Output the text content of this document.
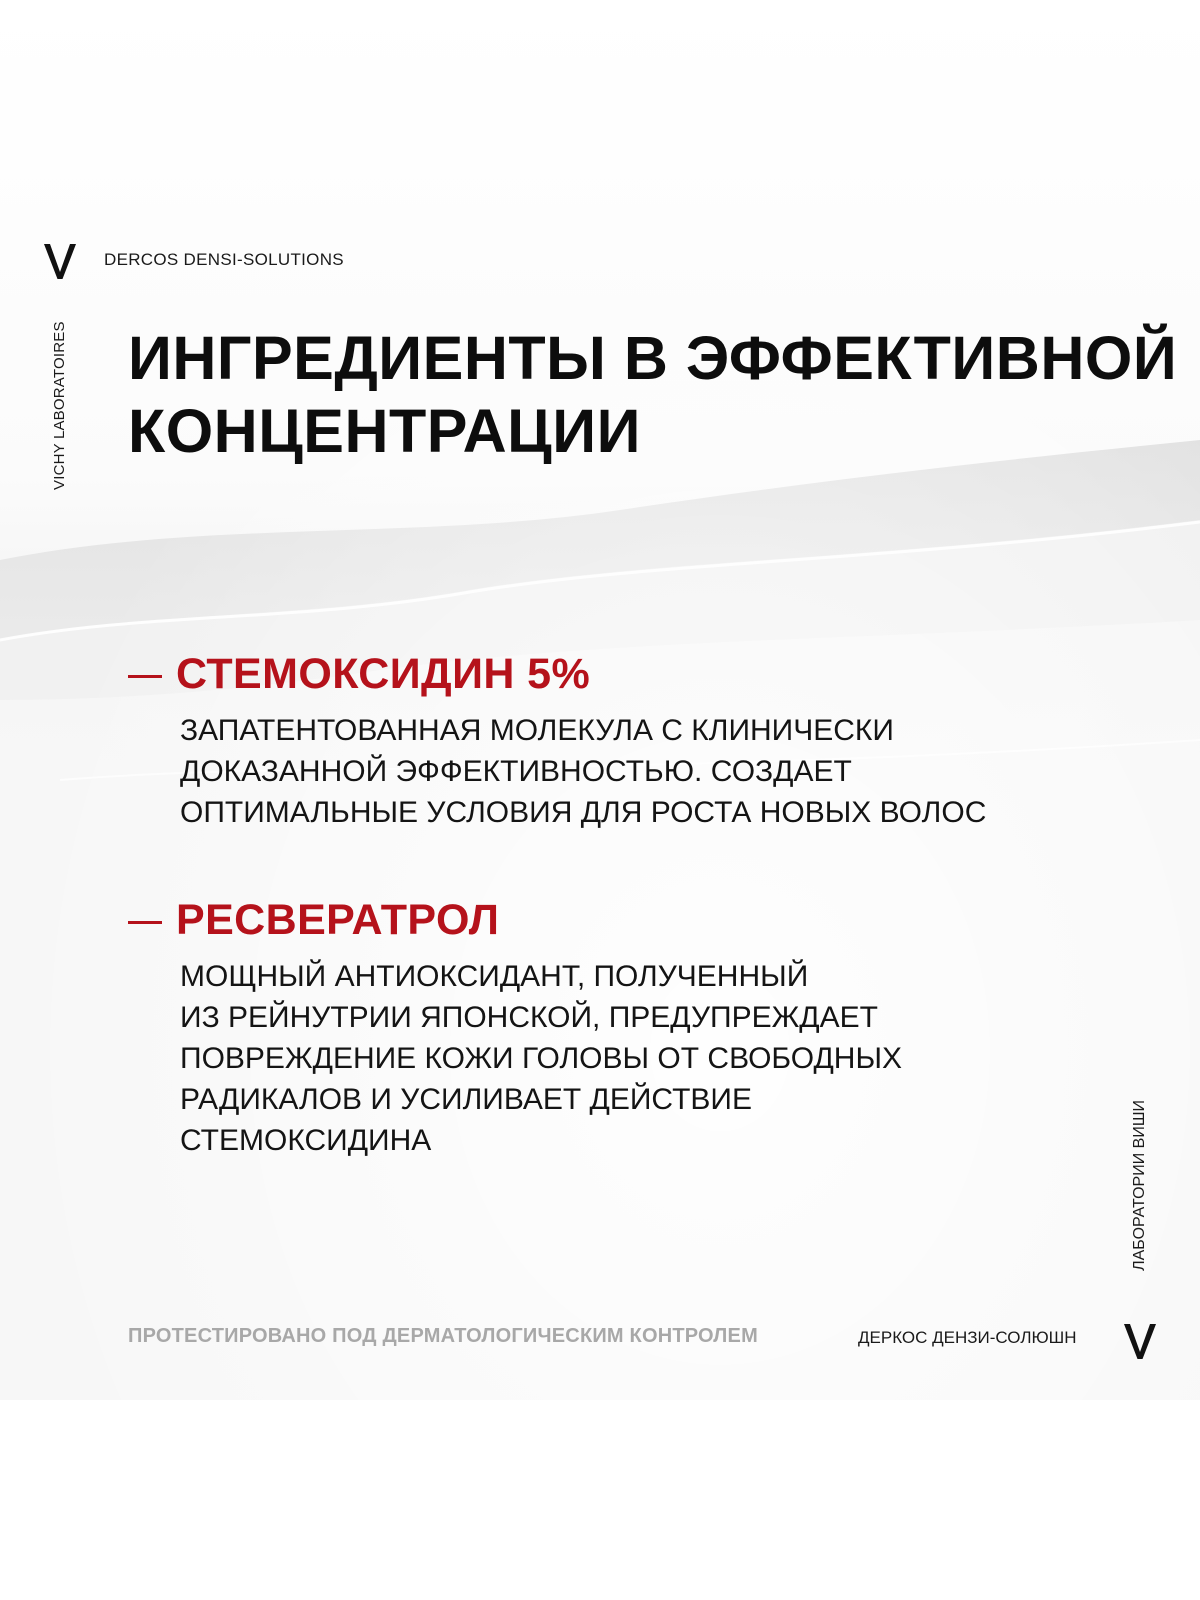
DERCOS DENSI-SOLUTIONS
VICHY LABORATOIRES ИНГРЕДИЕНТЫ В ЭФФЕКТИВНОЙ
КОНЦЕНТРАЦИИ
СТЕМОКСИДИН 5%
ЗАПАТЕНТОВАННАЯ МОЛЕКУЛА С КЛИНИЧЕСКИ
ДОКАЗАННОЙ ЭФФЕКТИВНОСТЬЮ. СОЗДАЕТ
ОПТИМАЛЬНЫЕ УСЛОВИЯ ДЛЯ РОСТА НОВЫХ ВОЛОС
РЕСВЕРАТРОЛ
МОЩНЫЙ АНТИОКСИДАНТ, ПОЛУЧЕННЫЙ
ИЗ РЕЙНУТРИИ ЯПОНСКОЙ, ПРЕДУПРЕЖДАЕТ
ПОВРЕЖДЕНИЕ КОЖИ ГОЛОВЫ ОТ СВОБОДНЫХ
РАДИКАЛОВ И УСИЛИВАЕТ ДЕЙСТВИЕ
СТЕМОКСИДИНА	ЛАБОРАТОРИИ ВИШИ
ПРОТЕСТИРОВАНО ПОД ДЕРМАТОЛОГИЧЕСКИМ КОНТРОЛЕМ	ДЕРКОС ДЕНЗИ-СОЛЮШН
